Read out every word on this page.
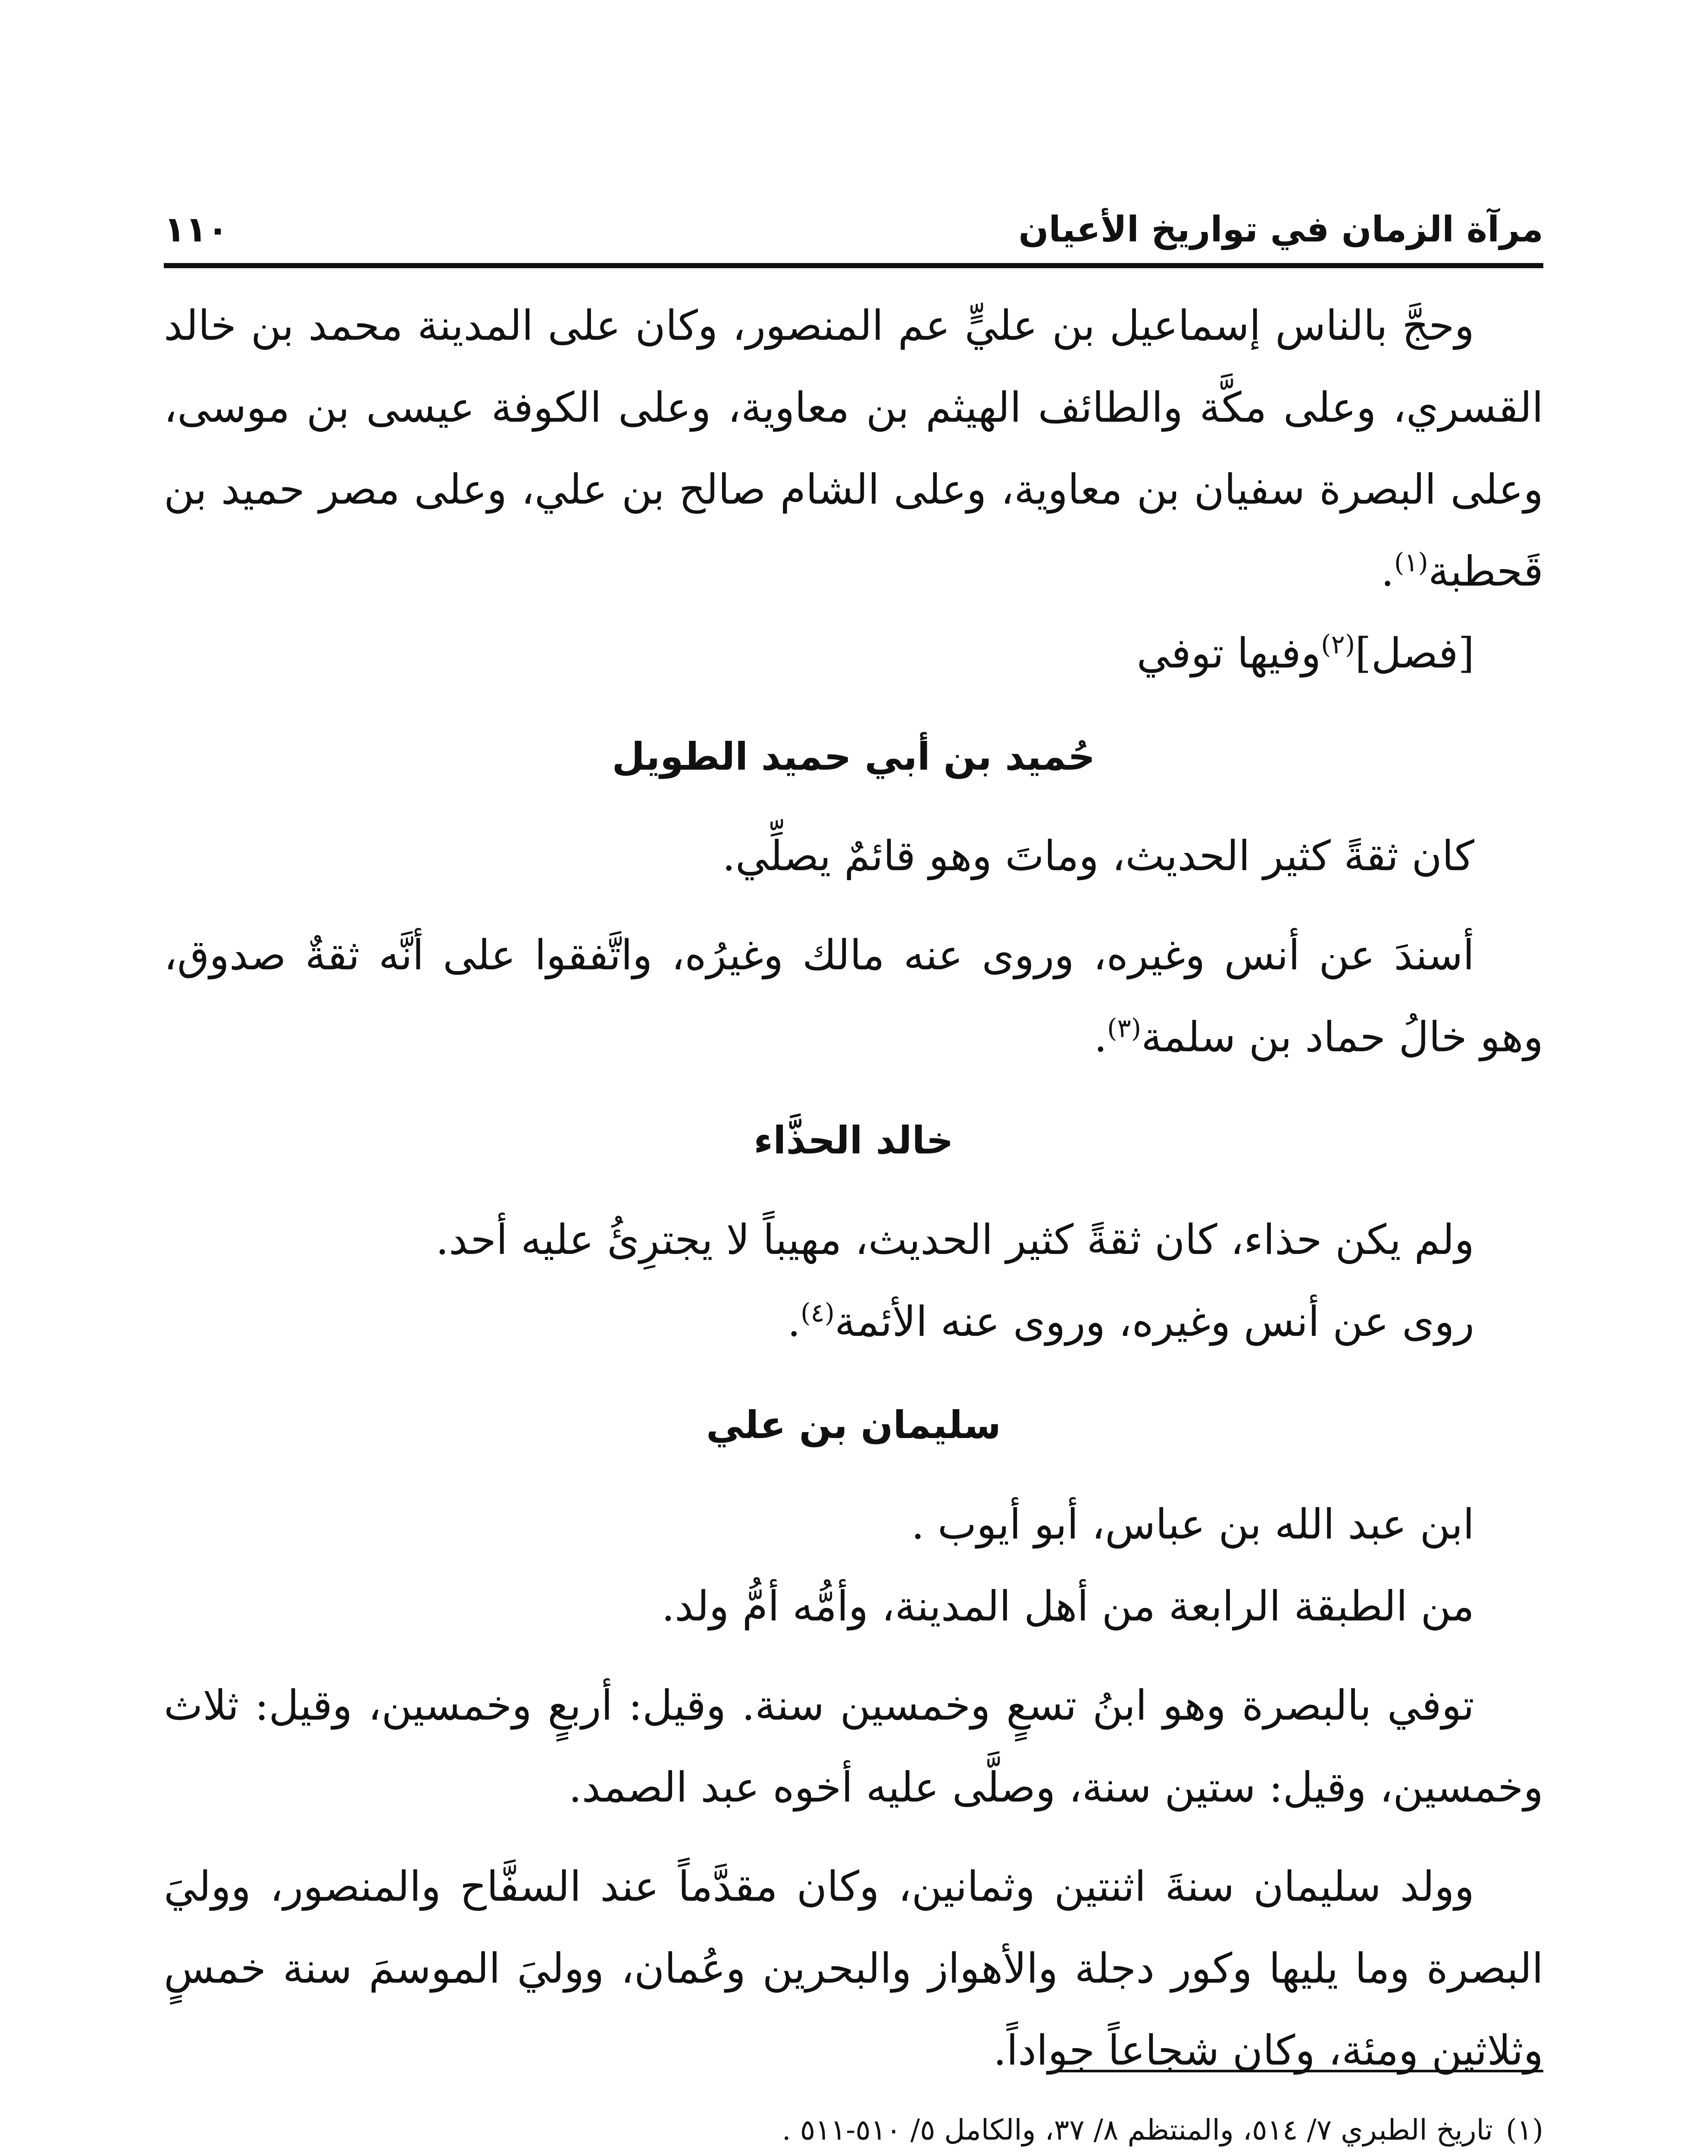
مرآة الزمان في تواريخ الأعيان
١١٠

وحجَّ بالناس إسماعيل بن عليٍّ عم المنصور، وكان على المدينة محمد بن خالد القسري، وعلى مكَّة والطائف الهيثم بن معاوية، وعلى الكوفة عيسى بن موسى، وعلى البصرة سفيان بن معاوية، وعلى الشام صالح بن علي، وعلى مصر حميد بن قَحطبة$^{(١)}$.

[فصل]$^{(٢)}$وفيها توفي

حُميد بن أبي حميد الطويل

كان ثقةً كثير الحديث، وماتَ وهو قائمٌ يصلِّي.

أسندَ عن أنس وغيره، وروى عنه مالك وغيرُه، واتَّفقوا على أنَّه ثقةٌ صدوق، وهو خالُ حماد بن سلمة$^{(٣)}$.

خالد الحذَّاء

ولم يكن حذاء، كان ثقةً كثير الحديث، مهيباً لا يجترِئُ عليه أحد.

روى عن أنس وغيره، وروى عنه الأئمة$^{(٤)}$.

سليمان بن علي

ابن عبد الله بن عباس، أبو أيوب .

من الطبقة الرابعة من أهل المدينة، وأمُّه أمُّ ولد.

توفي بالبصرة وهو ابنُ تسعٍ وخمسين سنة. وقيل: أربعٍ وخمسين، وقيل: ثلاث وخمسين، وقيل: ستين سنة، وصلَّى عليه أخوه عبد الصمد.

وولد سليمان سنةَ اثنتين وثمانين، وكان مقدَّماً عند السفَّاح والمنصور، ووليَ البصرة وما يليها وكور دجلة والأهواز والبحرين وعُمان، ووليَ الموسمَ سنة خمسٍ وثلاثين ومئة، وكان شجاعاً جواداً.

(١)
تاريخ الطبري ٧/ ٥١٤، والمنتظم ٨/ ٣٧، والكامل ٥/ ٥١٠-٥١١ .
